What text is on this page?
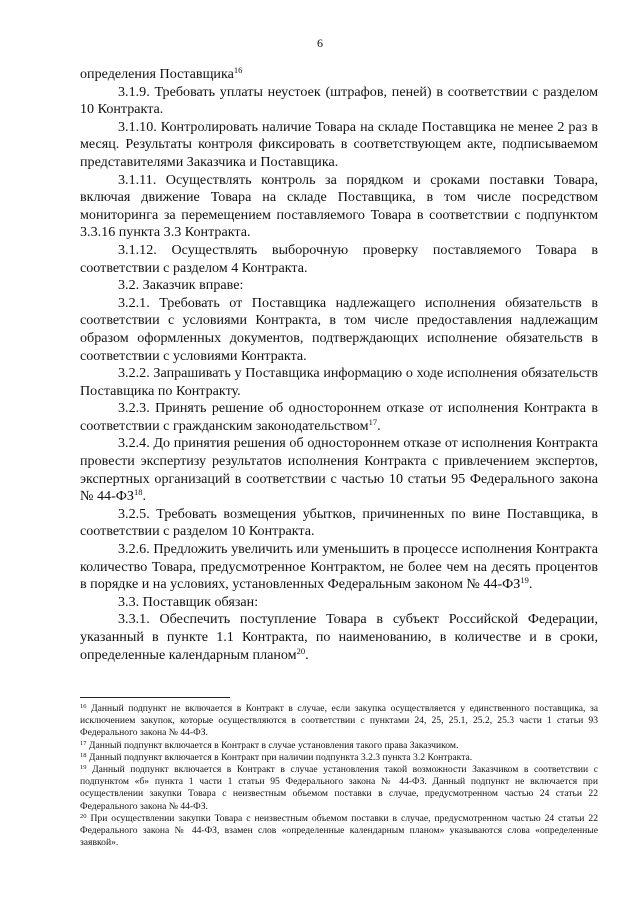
6

определения Поставщика$^{16}$

3.1.9. Требовать уплаты неустоек (штрафов, пеней) в соответствии с разделом 10 Контракта.

3.1.10. Контролировать наличие Товара на складе Поставщика не менее 2 раз в месяц. Результаты контроля фиксировать в соответствующем акте, подписываемом представителями Заказчика и Поставщика.

3.1.11. Осуществлять контроль за порядком и сроками поставки Товара, включая движение Товара на складе Поставщика, в том числе посредством мониторинга за перемещением поставляемого Товара в соответствии с подпунктом 3.3.16 пункта 3.3 Контракта.

3.1.12. Осуществлять выборочную проверку поставляемого Товара в соответствии с разделом 4 Контракта.

3.2. Заказчик вправе:

3.2.1. Требовать от Поставщика надлежащего исполнения обязательств в соответствии с условиями Контракта, в том числе предоставления надлежащим образом оформленных документов, подтверждающих исполнение обязательств в соответствии с условиями Контракта.

3.2.2. Запрашивать у Поставщика информацию о ходе исполнения обязательств Поставщика по Контракту.

3.2.3. Принять решение об одностороннем отказе от исполнения Контракта в соответствии с гражданским законодательством$^{17}$.

3.2.4. До принятия решения об одностороннем отказе от исполнения Контракта провести экспертизу результатов исполнения Контракта с привлечением экспертов, экспертных организаций в соответствии с частью 10 статьи 95 Федерального закона № 44-ФЗ$^{18}$.

3.2.5. Требовать возмещения убытков, причиненных по вине Поставщика, в соответствии с разделом 10 Контракта.

3.2.6. Предложить увеличить или уменьшить в процессе исполнения Контракта количество Товара, предусмотренное Контрактом, не более чем на десять процентов в порядке и на условиях, установленных Федеральным законом № 44-ФЗ$^{19}$.

3.3. Поставщик обязан:

3.3.1. Обеспечить поступление Товара в субъект Российской Федерации, указанный в пункте 1.1 Контракта, по наименованию, в количестве и в сроки, определенные календарным планом$^{20}$.

$^{16}$ Данный подпункт не включается в Контракт в случае, если закупка осуществляется у единственного поставщика, за исключением закупок, которые осуществляются в соответствии с пунктами 24, 25, 25.1, 25.2, 25.3 части 1 статьи 93 Федерального закона № 44-ФЗ.

$^{17}$ Данный подпункт включается в Контракт в случае установления такого права Заказчиком.

$^{18}$ Данный подпункт включается в Контракт при наличии подпункта 3.2.3 пункта 3.2 Контракта.

$^{19}$ Данный подпункт включается в Контракт в случае установления такой возможности Заказчиком в соответствии с подпунктом «б» пункта 1 части 1 статьи 95 Федерального закона № 44-ФЗ. Данный подпункт не включается при осуществлении закупки Товара с неизвестным объемом поставки в случае, предусмотренном частью 24 статьи 22 Федерального закона № 44-ФЗ.

$^{20}$ При осуществлении закупки Товара с неизвестным объемом поставки в случае, предусмотренном частью 24 статьи 22 Федерального закона № 44-ФЗ, взамен слов «определенные календарным планом» указываются слова «определенные заявкой».
